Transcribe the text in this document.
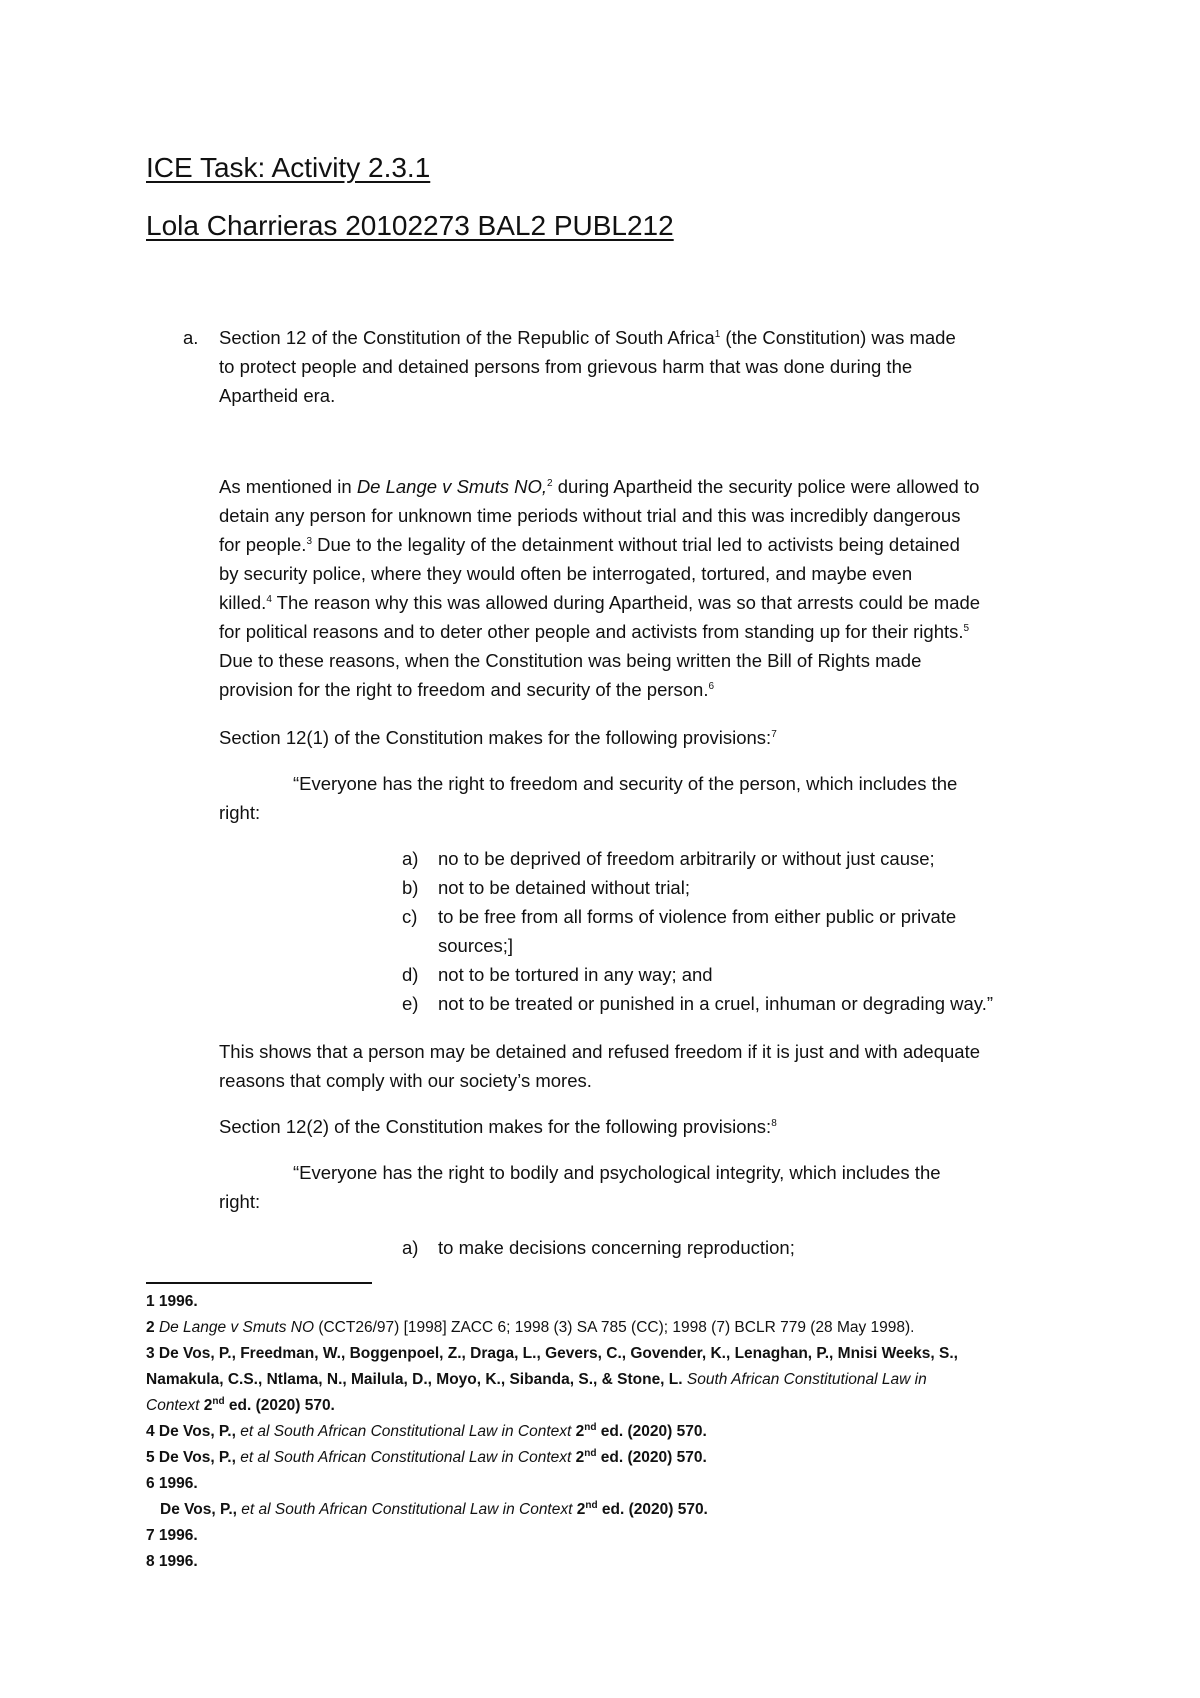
ICE Task: Activity 2.3.1
Lola Charrieras 20102273 BAL2 PUBL212
a. Section 12 of the Constitution of the Republic of South Africa$^1$ (the Constitution) was made
to protect people and detained persons from grievous harm that was done during the
Apartheid era.
As mentioned in De Lange v Smuts NO,$^2$ during Apartheid the security police were allowed to
detain any person for unknown time periods without trial and this was incredibly dangerous
for people.$^3$ Due to the legality of the detainment without trial led to activists being detained
by security police, where they would often be interrogated, tortured, and maybe even
killed.$^4$ The reason why this was allowed during Apartheid, was so that arrests could be made
for political reasons and to deter other people and activists from standing up for their rights.$^5$
Due to these reasons, when the Constitution was being written the Bill of Rights made
provision for the right to freedom and security of the person.$^6$
Section 12(1) of the Constitution makes for the following provisions:$^7$
“Everyone has the right to freedom and security of the person, which includes the
right:
a) no to be deprived of freedom arbitrarily or without just cause;
b) not to be detained without trial;
c) to be free from all forms of violence from either public or private
sources;]
d) not to be tortured in any way; and
e) not to be treated or punished in a cruel, inhuman or degrading way.”
This shows that a person may be detained and refused freedom if it is just and with adequate
reasons that comply with our society’s mores.
Section 12(2) of the Constitution makes for the following provisions:$^8$
“Everyone has the right to bodily and psychological integrity, which includes the
right:
a) to make decisions concerning reproduction;
1 1996.
2 De Lange v Smuts NO (CCT26/97) [1998] ZACC 6; 1998 (3) SA 785 (CC); 1998 (7) BCLR 779 (28 May 1998).
3 De Vos, P., Freedman, W., Boggenpoel, Z., Draga, L., Gevers, C., Govender, K., Lenaghan, P., Mnisi Weeks, S.,
Namakula, C.S., Ntlama, N., Mailula, D., Moyo, K., Sibanda, S., & Stone, L. South African Constitutional Law in
Context 2nd ed. (2020) 570.
4 De Vos, P., et al South African Constitutional Law in Context 2nd ed. (2020) 570.
5 De Vos, P., et al South African Constitutional Law in Context 2nd ed. (2020) 570.
6 1996.
De Vos, P., et al South African Constitutional Law in Context 2nd ed. (2020) 570.
7 1996.
8 1996.
